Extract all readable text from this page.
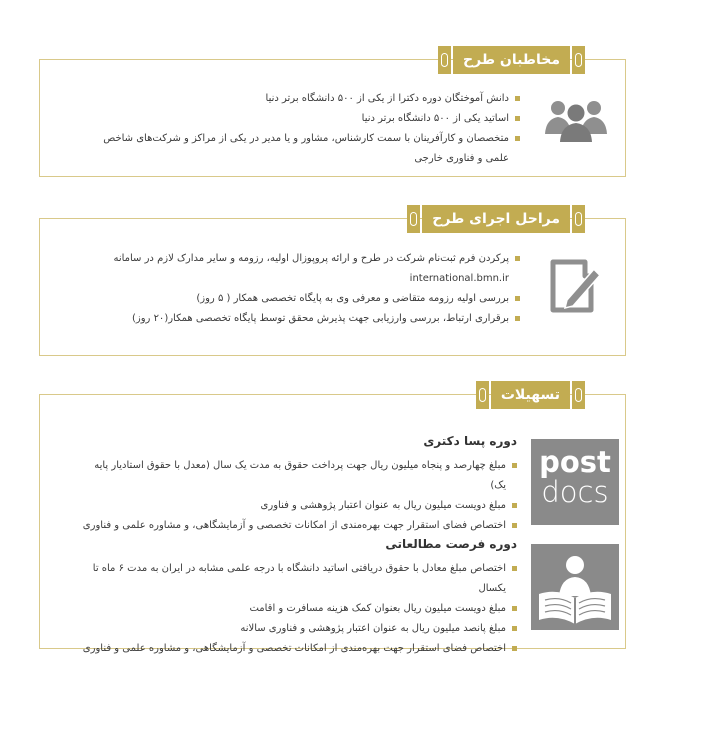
مخاطبان طرح
دانش آموختگان دوره دکترا از یکی از ۵۰۰ دانشگاه برتر دنیا
اساتید یکی از ۵۰۰ دانشگاه برتر دنیا
متخصصان و کارآفرینان با سمت کارشناس، مشاور و یا مدیر در یکی از مراکز و شرکت‌های شاخص علمی و فناوری خارجی
مراحل اجرای طرح
پرکردن فرم ثبت‌نام شرکت در طرح و ارائه پروپوزال اولیه، رزومه و سایر مدارک لازم در سامانه international.bmn.ir
بررسی اولیه رزومه متقاضی و معرفی وی به پایگاه تخصصی همکار ( ۵ روز)
برقراری ارتباط، بررسی وارزیابی جهت پذیرش محقق توسط پایگاه تخصصی همکار(۲۰ روز)
تسهیلات
دوره پسا دکتری
مبلغ چهارصد و پنجاه میلیون ریال جهت پرداخت حقوق به مدت یک سال (معدل با حقوق استادیار پایه یک)
مبلغ دویست میلیون ریال به عنوان اعتبار پژوهشی و فناوری
اختصاص فضای استقرار جهت بهره‌مندی از امکانات تخصصی و آزمایشگاهی، و مشاوره علمی و فناوری
post
docs
دوره فرصت مطالعاتی
اختصاص مبلغ معادل با حقوق دریافتی اساتید دانشگاه با درجه علمی مشابه در ایران به مدت ۶ ماه تا یکسال
مبلغ دویست میلیون ریال بعنوان کمک هزینه مسافرت و اقامت
مبلغ پانصد میلیون ریال به عنوان اعتبار پژوهشی و فناوری سالانه
اختصاص فضای استقرار جهت بهره‌مندی از امکانات تخصصی و آزمایشگاهی، و مشاوره علمی و فناوری
